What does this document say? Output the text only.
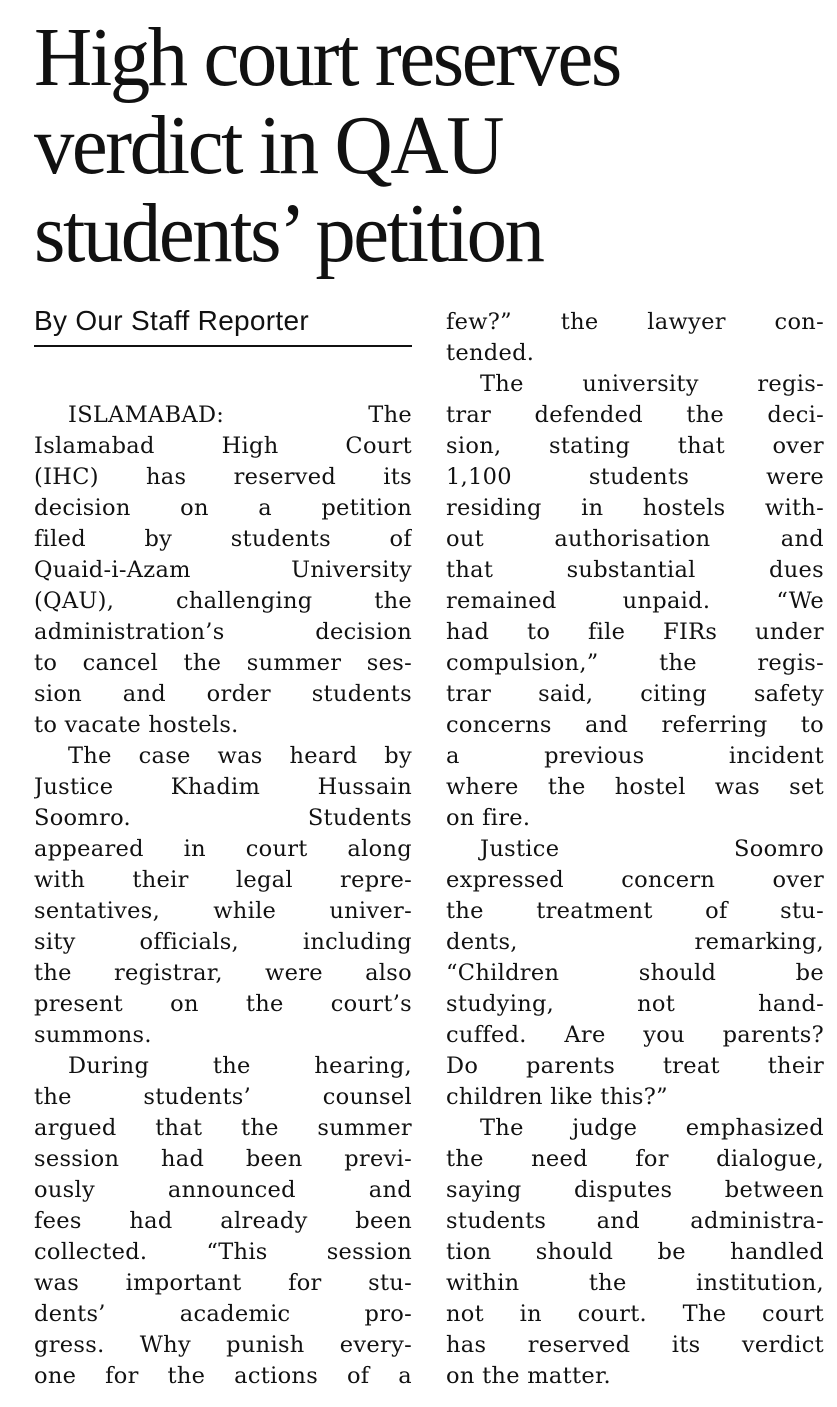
High court reserves
verdict in QAU
students’ petition
By Our Staff Reporter
ISLAMABAD: The
Islamabad High Court
(IHC) has reserved its
decision on a petition
filed by students of
Quaid-i-Azam University
(QAU), challenging the
administration’s decision
to cancel the summer ses-
sion and order students
to vacate hostels.
The case was heard by
Justice Khadim Hussain
Soomro. Students
appeared in court along
with their legal repre-
sentatives, while univer-
sity officials, including
the registrar, were also
present on the court’s
summons.
During the hearing,
the students’ counsel
argued that the summer
session had been previ-
ously announced and
fees had already been
collected. “This session
was important for stu-
dents’ academic pro-
gress. Why punish every-
one for the actions of a
few?” the lawyer con-
tended.
The university regis-
trar defended the deci-
sion, stating that over
1,100 students were
residing in hostels with-
out authorisation and
that substantial dues
remained unpaid. “We
had to file FIRs under
compulsion,” the regis-
trar said, citing safety
concerns and referring to
a previous incident
where the hostel was set
on fire.
Justice Soomro
expressed concern over
the treatment of stu-
dents, remarking,
“Children should be
studying, not hand-
cuffed. Are you parents?
Do parents treat their
children like this?”
The judge emphasized
the need for dialogue,
saying disputes between
students and administra-
tion should be handled
within the institution,
not in court. The court
has reserved its verdict
on the matter.
